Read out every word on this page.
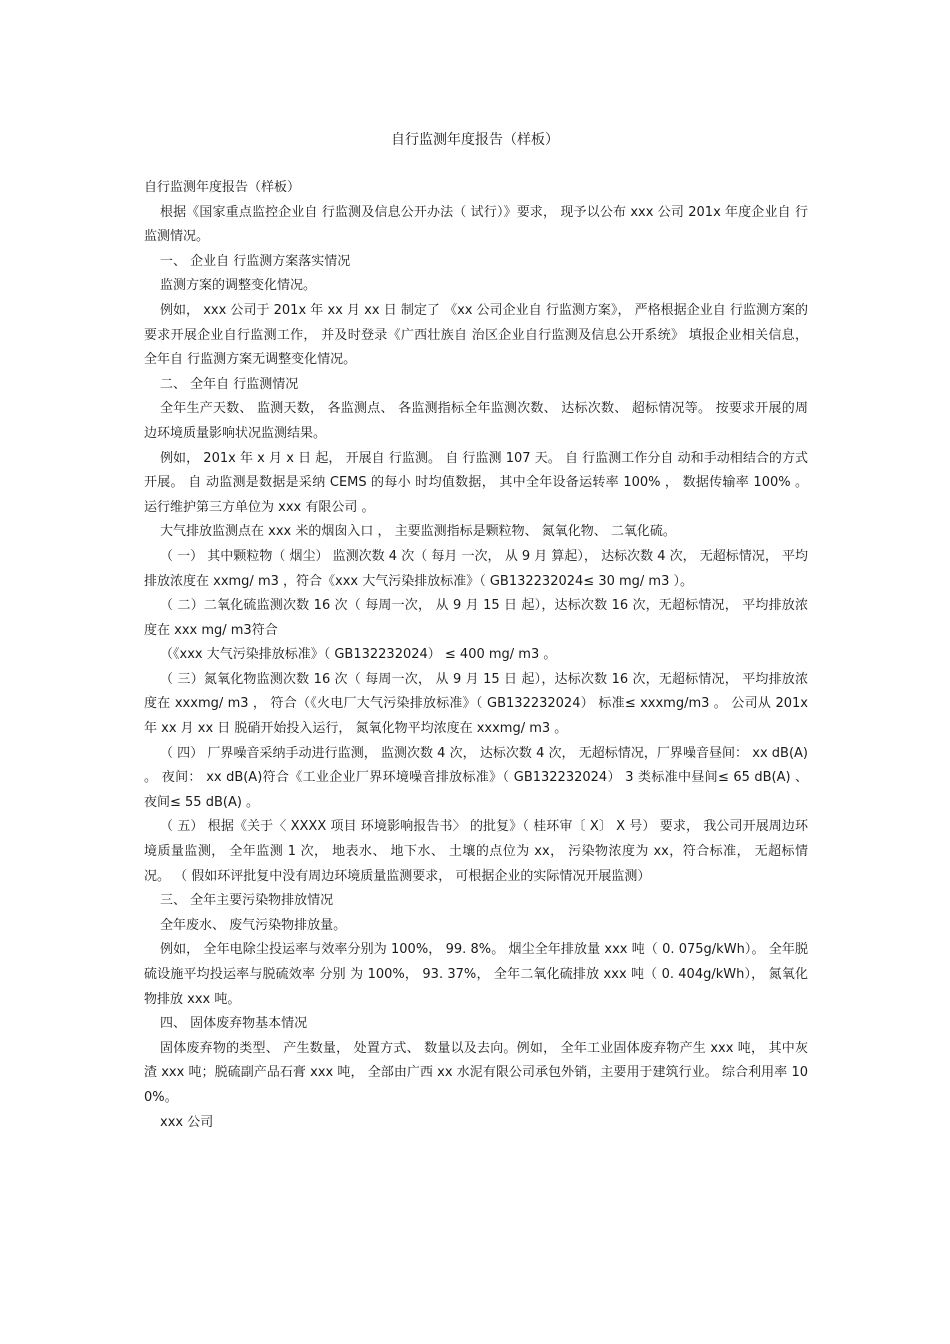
自行监测年度报告（样板）

自行监测年度报告（样板）

根据《国家重点监控企业自 行监测及信息公开办法（ 试行）》要求， 现予以公布 xxx 公司 201x 年度企业自 行监测情况。

一、 企业自 行监测方案落实情况

监测方案的调整变化情况。

例如， xxx 公司于 201x 年 xx 月 xx 日 制定了 《xx 公司企业自 行监测方案》， 严格根据企业自 行监测方案的要求开展企业自行监测工作， 并及时登录《广西壮族自 治区企业自行监测及信息公开系统》 填报企业相关信息， 全年自 行监测方案无调整变化情况。

二、 全年自 行监测情况

全年生产天数、 监测天数， 各监测点、 各监测指标全年监测次数、 达标次数、 超标情况等。 按要求开展的周边环境质量影响状况监测结果。

例如， 201x 年 x 月 x 日 起， 开展自 行监测。 自 行监测 107 天。 自 行监测工作分自 动和手动相结合的方式开展。 自 动监测是数据是采纳 CEMS 的每小 时均值数据， 其中全年设备运转率 100% ， 数据传输率 100% 。 运行维护第三方单位为 xxx 有限公司 。

大气排放监测点在 xxx 米的烟囱入口 ， 主要监测指标是颗粒物、 氮氧化物、 二氧化硫。

（ 一） 其中颗粒物（ 烟尘） 监测次数 4 次（ 每月 一次， 从 9 月 算起）， 达标次数 4 次， 无超标情况， 平均排放浓度在 xxmg/ m3 ，符合《xxx 大气污染排放标准》（ GB132232024≤ 30 mg/ m3 ）。

（ 二）二氧化硫监测次数 16 次（ 每周一次， 从 9 月 15 日 起），达标次数 16 次，无超标情况， 平均排放浓度在 xxx mg/ m3符合

（《xxx 大气污染排放标准》（ GB132232024） ≤ 400 mg/ m3 。

（ 三）氮氧化物监测次数 16 次（ 每周一次， 从 9 月 15 日 起），达标次数 16 次，无超标情况， 平均排放浓度在 xxxmg/ m3 ， 符合（《火电厂大气污染排放标准》（ GB132232024） 标准≤ xxxmg/m3 。 公司从 201x 年 xx 月 xx 日 脱硝开始投入运行， 氮氧化物平均浓度在 xxxmg/ m3 。

（ 四） 厂界噪音采纳手动进行监测， 监测次数 4 次， 达标次数 4 次， 无超标情况，厂界噪音昼间： xx dB(A) 。 夜间： xx dB(A)符合《工业企业厂界环境噪音排放标准》（ GB132232024） 3 类标准中昼间≤ 65 dB(A) 、 夜间≤ 55 dB(A) 。

（ 五） 根据《关于〈 XXXX 项目 环境影响报告书〉 的批复》（ 桂环审〔 X〕 X 号） 要求， 我公司开展周边环境质量监测， 全年监测 1 次， 地表水、 地下水、 土壤的点位为 xx， 污染物浓度为 xx，符合标准， 无超标情况。 （ 假如环评批复中没有周边环境质量监测要求， 可根据企业的实际情况开展监测）

三、 全年主要污染物排放情况

全年废水、 废气污染物排放量。

例如， 全年电除尘投运率与效率分别为 100%， 99. 8%。 烟尘全年排放量 xxx 吨（ 0. 075g/kWh）。 全年脱硫设施平均投运率与脱硫效率 分别 为 100%， 93. 37%， 全年二氧化硫排放 xxx 吨（ 0. 404g/kWh）， 氮氧化物排放 xxx 吨。

四、 固体废弃物基本情况

固体废弃物的类型、 产生数量， 处置方式、 数量以及去向。例如， 全年工业固体废弃物产生 xxx 吨， 其中灰渣 xxx 吨；脱硫副产品石膏 xxx 吨， 全部由广西 xx 水泥有限公司承包外销，主要用于建筑行业。 综合利用率 100%。

xxx 公司
